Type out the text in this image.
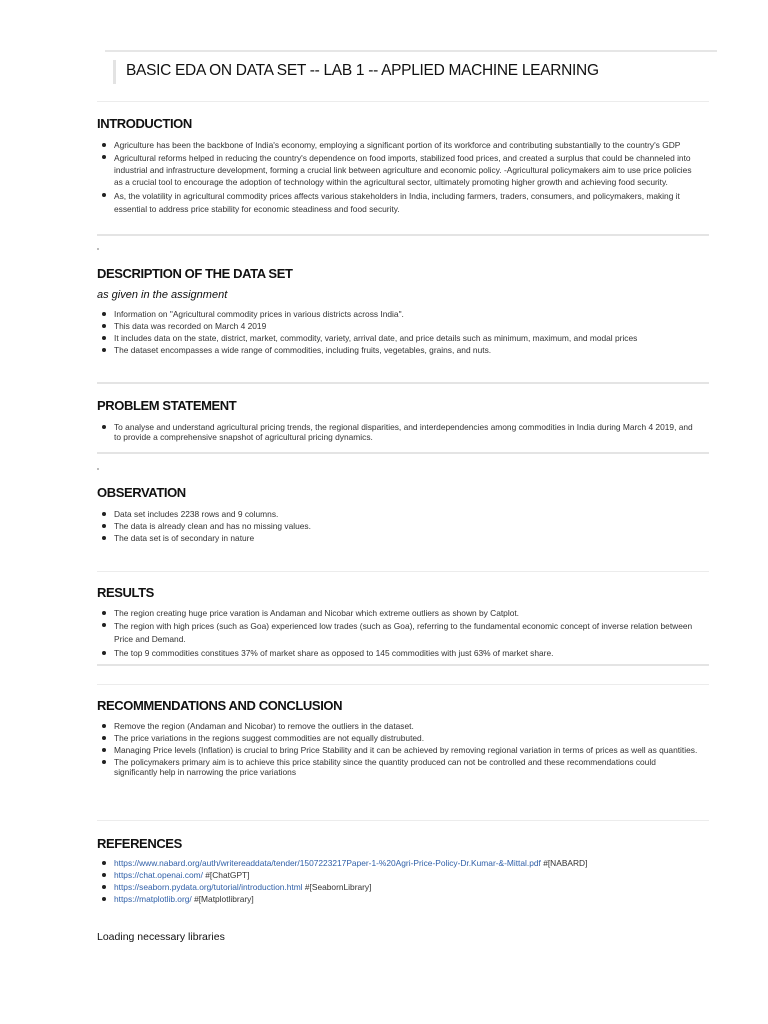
BASIC EDA ON DATA SET -- LAB 1 -- APPLIED MACHINE LEARNING
INTRODUCTION
Agriculture has been the backbone of India's economy, employing a significant portion of its workforce and contributing substantially to the country's GDP
Agricultural reforms helped in reducing the country's dependence on food imports, stabilized food prices, and created a surplus that could be channeled into industrial and infrastructure development, forming a crucial link between agriculture and economic policy. -Agricultural policymakers aim to use price policies as a crucial tool to encourage the adoption of technology within the agricultural sector, ultimately promoting higher growth and achieving food security.
As, the volatility in agricultural commodity prices affects various stakeholders in India, including farmers, traders, consumers, and policymakers, making it essential to address price stability for economic steadiness and food security.
DESCRIPTION OF THE DATA SET
as given in the assignment
Information on "Agricultural commodity prices in various districts across India".
This data was recorded on March 4 2019
It includes data on the state, district, market, commodity, variety, arrival date, and price details such as minimum, maximum, and modal prices
The dataset encompasses a wide range of commodities, including fruits, vegetables, grains, and nuts.
PROBLEM STATEMENT
To analyse and understand agricultural pricing trends, the regional disparities, and interdependencies among commodities in India during March 4 2019, and to provide a comprehensive snapshot of agricultural pricing dynamics.
OBSERVATION
Data set includes 2238 rows and 9 columns.
The data is already clean and has no missing values.
The data set is of secondary in nature
RESULTS
The region creating huge price varation is Andaman and Nicobar which extreme outliers as shown by Catplot.
The region with high prices (such as Goa) experienced low trades (such as Goa), referring to the fundamental economic concept of inverse relation between Price and Demand.
The top 9 commodities constitues 37% of market share as opposed to 145 commodities with just 63% of market share.
RECOMMENDATIONS AND CONCLUSION
Remove the region (Andaman and Nicobar) to remove the outliers in the dataset.
The price variations in the regions suggest commodities are not equally distrubuted.
Managing Price levels (Inflation) is crucial to bring Price Stability and it can be achieved by removing regional variation in terms of prices as well as quantities.
The policymakers primary aim is to achieve this price stability since the quantity produced can not be controlled and these recommendations could significantly help in narrowing the price variations
REFERENCES
https://www.nabard.org/auth/writereaddata/tender/1507223217Paper-1-%20Agri-Price-Policy-Dr.Kumar-&-Mittal.pdf #[NABARD]
https://chat.openai.com/ #[ChatGPT]
https://seaborn.pydata.org/tutorial/introduction.html #[SeabornLibrary]
https://matplotlib.org/ #[Matplotlibrary]
Loading necessary libraries
